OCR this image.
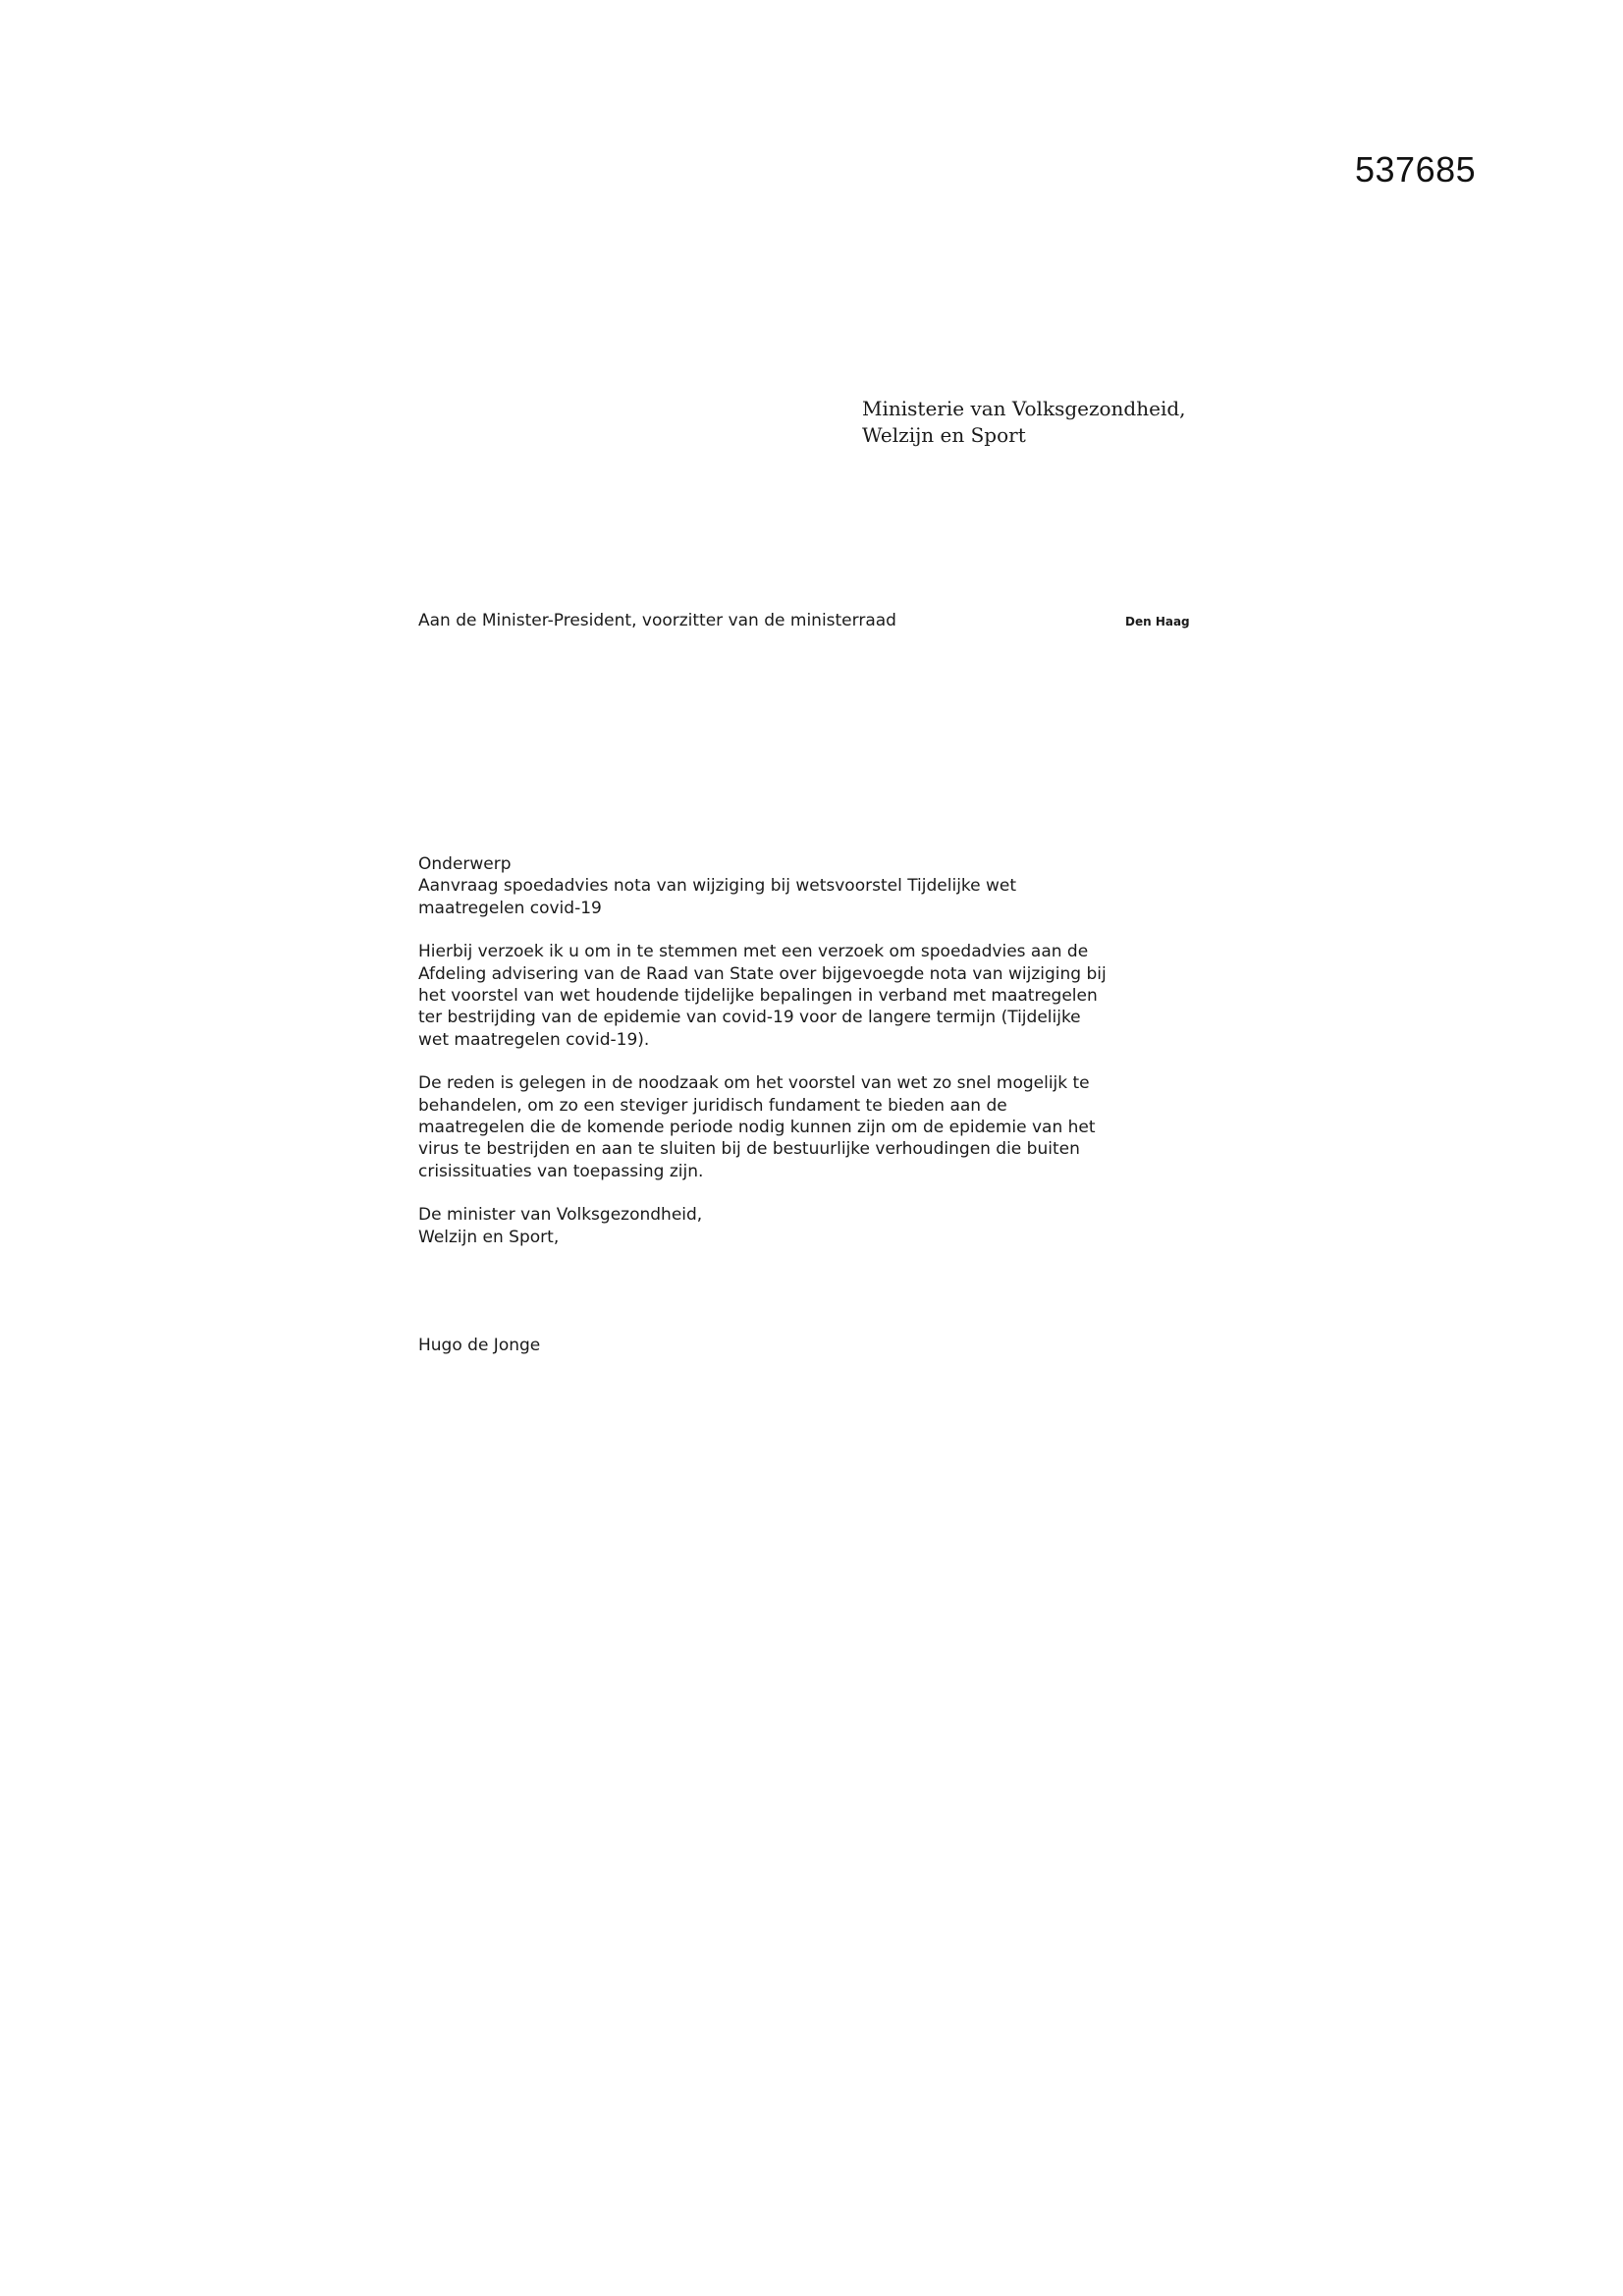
537685
Ministerie van Volksgezondheid,
Welzijn en Sport
Aan de Minister-President, voorzitter van de ministerraad	Den Haag

Onderwerp
Aanvraag spoedadvies nota van wijziging bij wetsvoorstel Tijdelijke wet
maatregelen covid-19

Hierbij verzoek ik u om in te stemmen met een verzoek om spoedadvies aan de
Afdeling advisering van de Raad van State over bijgevoegde nota van wijziging bij
het voorstel van wet houdende tijdelijke bepalingen in verband met maatregelen
ter bestrijding van de epidemie van covid-19 voor de langere termijn (Tijdelijke
wet maatregelen covid-19).

De reden is gelegen in de noodzaak om het voorstel van wet zo snel mogelijk te
behandelen, om zo een steviger juridisch fundament te bieden aan de
maatregelen die de komende periode nodig kunnen zijn om de epidemie van het
virus te bestrijden en aan te sluiten bij de bestuurlijke verhoudingen die buiten
crisissituaties van toepassing zijn.

De minister van Volksgezondheid,
Welzijn en Sport,

Hugo de Jonge
